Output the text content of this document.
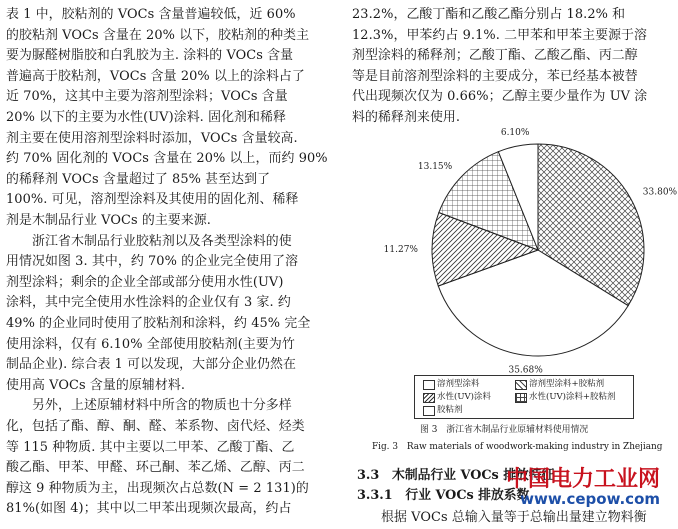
表 1 中，胶粘剂的 VOCs 含量普遍较低，近 60%
的胶粘剂 VOCs 含量在 20% 以下，胶粘剂的种类主
要为脲醛树脂胶和白乳胶为主. 涂料的 VOCs 含量
普遍高于胶粘剂，VOCs 含量 20% 以上的涂料占了
近 70%，这其中主要为溶剂型涂料；VOCs 含量
20% 以下的主要为水性(UV)涂料. 固化剂和稀释
剂主要在使用溶剂型涂料时添加，VOCs 含量较高.
约 70% 固化剂的 VOCs 含量在 20% 以上，而约 90%
的稀释剂 VOCs 含量超过了 85% 甚至达到了
100%. 可见，溶剂型涂料及其使用的固化剂、稀释
剂是木制品行业 VOCs 的主要来源.
　　浙江省木制品行业胶粘剂以及各类型涂料的使
用情况如图 3. 其中，约 70% 的企业完全使用了溶
剂型涂料；剩余的企业全部或部分使用水性(UV)
涂料，其中完全使用水性涂料的企业仅有 3 家. 约
49% 的企业同时使用了胶粘剂和涂料，约 45% 完全
使用涂料，仅有 6.10% 全部使用胶粘剂(主要为竹
制品企业). 综合表 1 可以发现，大部分企业仍然在
使用高 VOCs 含量的原辅材料.
　　另外，上述原辅材料中所含的物质也十分多样
化，包括了酯、醇、酮、醛、苯系物、卤代烃、烃类
等 115 种物质. 其中主要以二甲苯、乙酸丁酯、乙
酸乙酯、甲苯、甲醛、环己酮、苯乙烯、乙醇、丙二
醇这 9 种物质为主，出现频次占总数(N = 2 131)的
81%(如图 4)；其中以二甲苯出现频次最高，约占
23.2%，乙酸丁酯和乙酸乙酯分别占 18.2% 和
12.3%，甲苯约占 9.1%. 二甲苯和甲苯主要源于溶
剂型涂料的稀释剂；乙酸丁酯、乙酸乙酯、丙二醇
等是目前溶剂型涂料的主要成分，苯已经基本被替
代出现频次仅为 0.66%；乙醇主要少量作为 UV 涂
料的稀释剂来使用.
33.80%
35.68%
11.27%
13.15%
6.10%
溶剂型涂料	溶剂型涂料+胶粘剂
水性(UV)涂料	水性(UV)涂料+胶粘剂
胶粘剂
图 3　浙江省木制品行业原辅材料使用情况
Fig. 3　Raw materials of woodwork-making industry in Zhejiang
3.3　木制品行业 VOCs 排放特征
3.3.1　行业 VOCs 排放系数
根据 VOCs 总输入量等于总输出量建立物料衡
中国电力工业网
www.cepow.com
